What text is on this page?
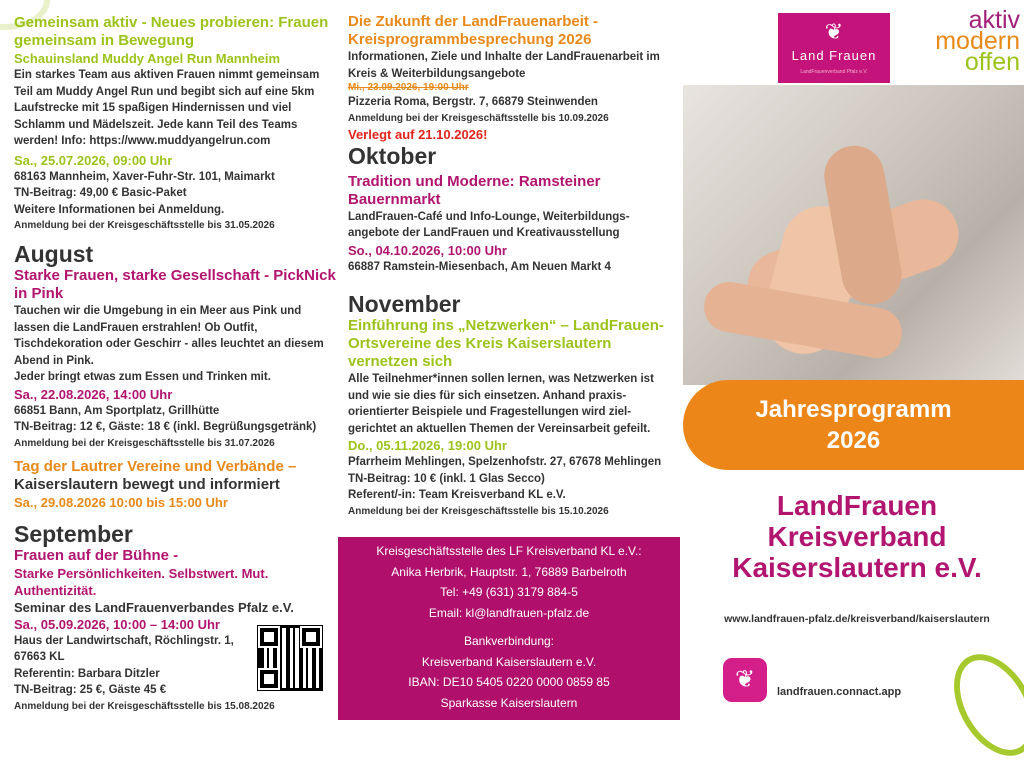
Gemeinsam aktiv - Neues probieren: Frauen gemeinsam in Bewegung
Schauinsland Muddy Angel Run Mannheim
Ein starkes Team aus aktiven Frauen nimmt gemeinsam Teil am Muddy Angel Run und begibt sich auf eine 5km Laufstrecke mit 15 spaßigen Hindernissen und viel Schlamm und Mädelszeit. Jede kann Teil des Teams werden! Info: https://www.muddyangelrun.com
Sa., 25.07.2026, 09:00 Uhr
68163 Mannheim, Xaver-Fuhr-Str. 101, Maimarkt
TN-Beitrag: 49,00 € Basic-Paket
Weitere Informationen bei Anmeldung.
Anmeldung bei der Kreisgeschäftsstelle bis 31.05.2026
August
Starke Frauen, starke Gesellschaft - PickNick in Pink
Tauchen wir die Umgebung in ein Meer aus Pink und lassen die LandFrauen erstrahlen! Ob Outfit, Tischdekoration oder Geschirr - alles leuchtet an diesem Abend in Pink.
Jeder bringt etwas zum Essen und Trinken mit.
Sa., 22.08.2026, 14:00 Uhr
66851 Bann, Am Sportplatz, Grillhütte
TN-Beitrag: 12 €, Gäste: 18 € (inkl. Begrüßungsgetränk)
Anmeldung bei der Kreisgeschäftsstelle bis 31.07.2026
Tag der Lautrer Vereine und Verbände –
Kaiserslautern bewegt und informiert
Sa., 29.08.2026 10:00 bis 15:00 Uhr
September
Frauen auf der Bühne -
Starke Persönlichkeiten. Selbstwert. Mut. Authentizität.
Seminar des LandFrauenverbandes Pfalz e.V.
Sa., 05.09.2026, 10:00 – 14:00 Uhr
Haus der Landwirtschaft, Röchlingstr. 1, 67663 KL
Referentin: Barbara Ditzler
TN-Beitrag: 25 €, Gäste 45 €
Anmeldung bei der Kreisgeschäftsstelle bis 15.08.2026
Die Zukunft der LandFrauenarbeit - Kreisprogrammbesprechung 2026
Informationen, Ziele und Inhalte der LandFrauenarbeit im Kreis & Weiterbildungsangebote
Mi., 23.09.2026, 19:00 Uhr
Pizzeria Roma, Bergstr. 7, 66879 Steinwenden
Anmeldung bei der Kreisgeschäftsstelle bis 10.09.2026
Verlegt auf 21.10.2026!
Oktober
Tradition und Moderne: Ramsteiner Bauernmarkt
LandFrauen-Café und Info-Lounge, Weiterbildungs-angebote der LandFrauen und Kreativausstellung
So., 04.10.2026, 10:00 Uhr
66887 Ramstein-Miesenbach, Am Neuen Markt 4
November
Einführung ins „Netzwerken“ – LandFrauen-Ortsvereine des Kreis Kaiserslautern vernetzen sich
Alle Teilnehmer*innen sollen lernen, was Netzwerken ist und wie sie dies für sich einsetzen. Anhand praxis-orientierter Beispiele und Fragestellungen wird ziel-gerichtet an aktuellen Themen der Vereinsarbeit gefeilt.
Do., 05.11.2026, 19:00 Uhr
Pfarrheim Mehlingen, Spelzenhofstr. 27, 67678 Mehlingen
TN-Beitrag: 10 € (inkl. 1 Glas Secco)
Referent/-in: Team Kreisverband KL e.V.
Anmeldung bei der Kreisgeschäftsstelle bis 15.10.2026
Kreisgeschäftsstelle des LF Kreisverband KL e.V.:
Anika Herbrik, Hauptstr. 1, 76889 Barbelroth
Tel: +49 (631) 3179 884-5
Email: kl@landfrauen-pfalz.de
Bankverbindung:
Kreisverband Kaiserslautern e.V.
IBAN: DE10 5405 0220 0000 0859 85
Sparkasse Kaiserslautern
❦
Land Frauen
LandFrauenverband Pfalz e.V.
aktiv
modern
offen
Jahresprogramm
2026
LandFrauen
Kreisverband
Kaiserslautern e.V.
www.landfrauen-pfalz.de/kreisverband/kaiserslautern
❦	landfrauen.connact.app
